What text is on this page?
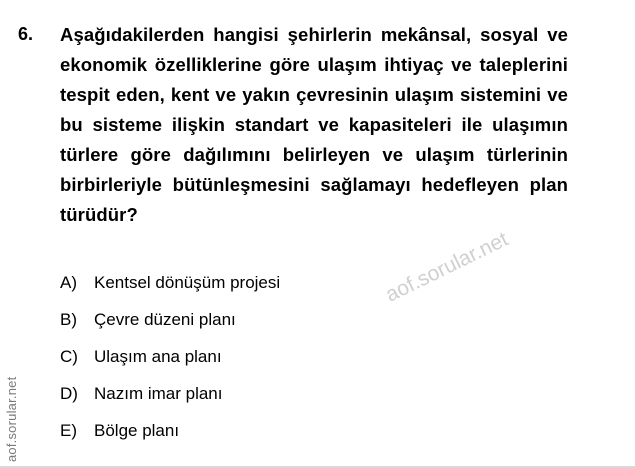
aof.sorular.net
aof.sorular.net
6. Aşağıdakilerden hangisi şehirlerin mekânsal, sosyal ve ekonomik özelliklerine göre ulaşım ihtiyaç ve taleplerini tespit eden, kent ve yakın çevresinin ulaşım sistemini ve bu sisteme ilişkin standart ve kapasiteleri ile ulaşımın türlere göre dağılımını belirleyen ve ulaşım türlerinin birbirleriyle bütünleşmesini sağlamayı hedefleyen plan türüdür?
A)	Kentsel dönüşüm projesi
B)	Çevre düzeni planı
C) Ulaşım ana planı
D) Nazım imar planı
E)	Bölge planı
